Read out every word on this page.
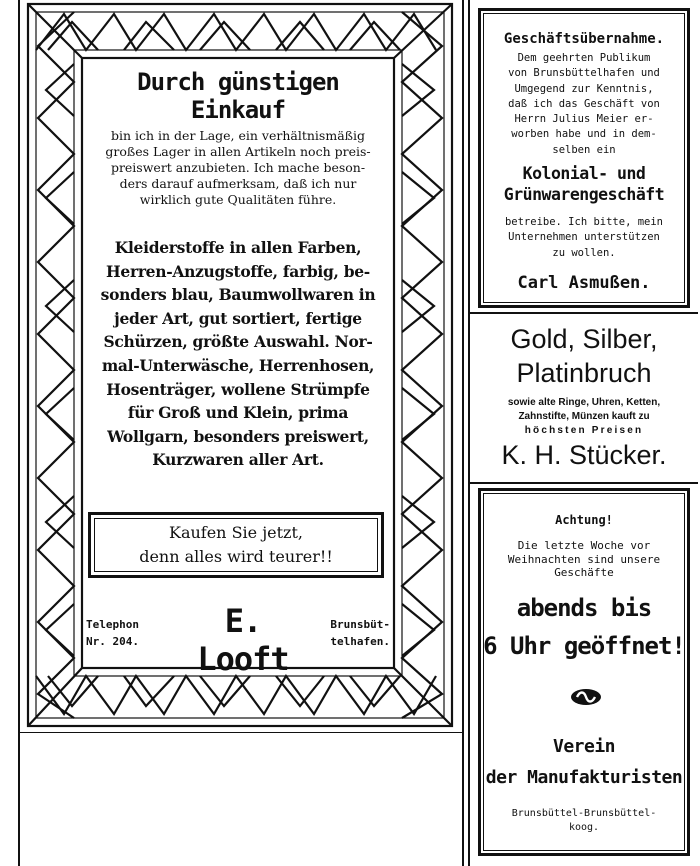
Durch günstigen Einkauf
bin ich in der Lage, ein verhältnismäßig
großes Lager in allen Artikeln noch preis-
preiswert anzubieten. Ich mache beson-
ders darauf aufmerksam, daß ich nur
wirklich gute Qualitäten führe.
Kleiderstoffe in allen Farben,
Herren-Anzugstoffe, farbig, be-
sonders blau, Baumwollwaren in
jeder Art, gut sortiert, fertige
Schürzen, größte Auswahl. Nor-
mal-Unterwäsche, Herrenhosen,
Hosenträger, wollene Strümpfe
für Groß und Klein, prima
Wollgarn, besonders preiswert,
Kurzwaren aller Art.
Kaufen Sie jetzt,
denn alles wird teurer!!
Telephon
Nr. 204.
E. Looft
Brunsbüt-
telhafen.
Geschäftsübernahme.
Dem geehrten Publikum
von Brunsbüttelhafen und
Umgegend zur Kenntnis,
daß ich das Geschäft von
Herrn Julius Meier er-
worben habe und in dem-
selben ein
Kolonial- und
Grünwarengeschäft
betreibe. Ich bitte, mein
Unternehmen unterstützen
zu wollen.
Carl Asmußen.
Gold, Silber,
Platinbruch
sowie alte Ringe, Uhren, Ketten,
Zahnstifte, Münzen kauft zu
höchsten Preisen
K. H. Stücker.
Achtung!
Die letzte Woche vor
Weihnachten sind unsere
Geschäfte
abends bis
6 Uhr geöffnet!
Verein
der Manufakturisten
Brunsbüttel-Brunsbüttel-
koog.
